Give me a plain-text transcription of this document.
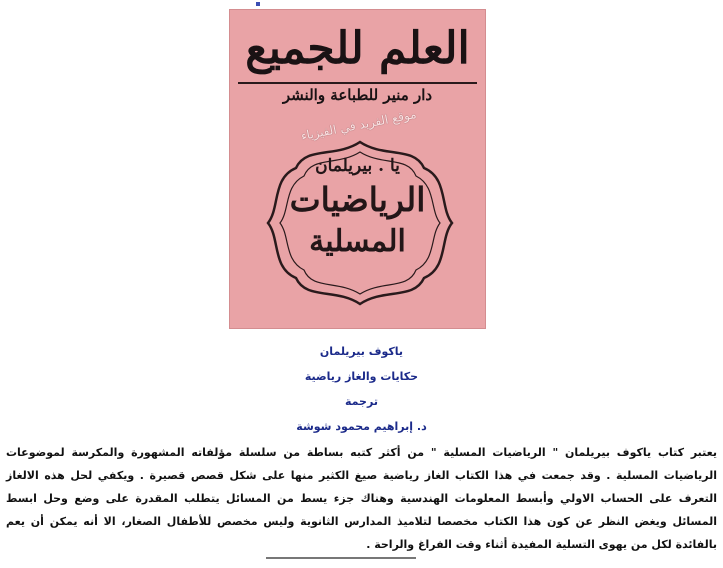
العلم للجميع
دار منير للطباعة والنشر
موقع الفريد في الفيزياء
يا . بيريلمان
الرياضيات
المسلية
ياكوف بيريلمان
حكايات والغاز رياضية
ترجمة
د. إبراهيم محمود شوشة
يعتبر كتاب ياكوف بيريلمان " الرياضيات المسلية " من أكثر كتبه بساطة من سلسلة مؤلفاته المشهورة والمكرسة لموضوعات الرياضيات المسلية . وقد جمعت في هذا الكتاب الغاز رياضية صيغ الكثير منها على شكل قصص قصيرة . ويكفي لحل هذه الالغاز التعرف على الحساب الاولي وأبسط المعلومات الهندسية وهناك جزء يسط من المسائل يتطلب المقدرة على وضع وحل ابسط المسائل ويغض النظر عن كون هذا الكتاب مخصصا لتلاميذ المدارس الثانوية وليس مخصص للأطفال الصغار، الا أنه يمكن أن يعم بالفائدة لكل من يهوى التسلية المفيدة أثناء وقت الفراغ والراحة .
